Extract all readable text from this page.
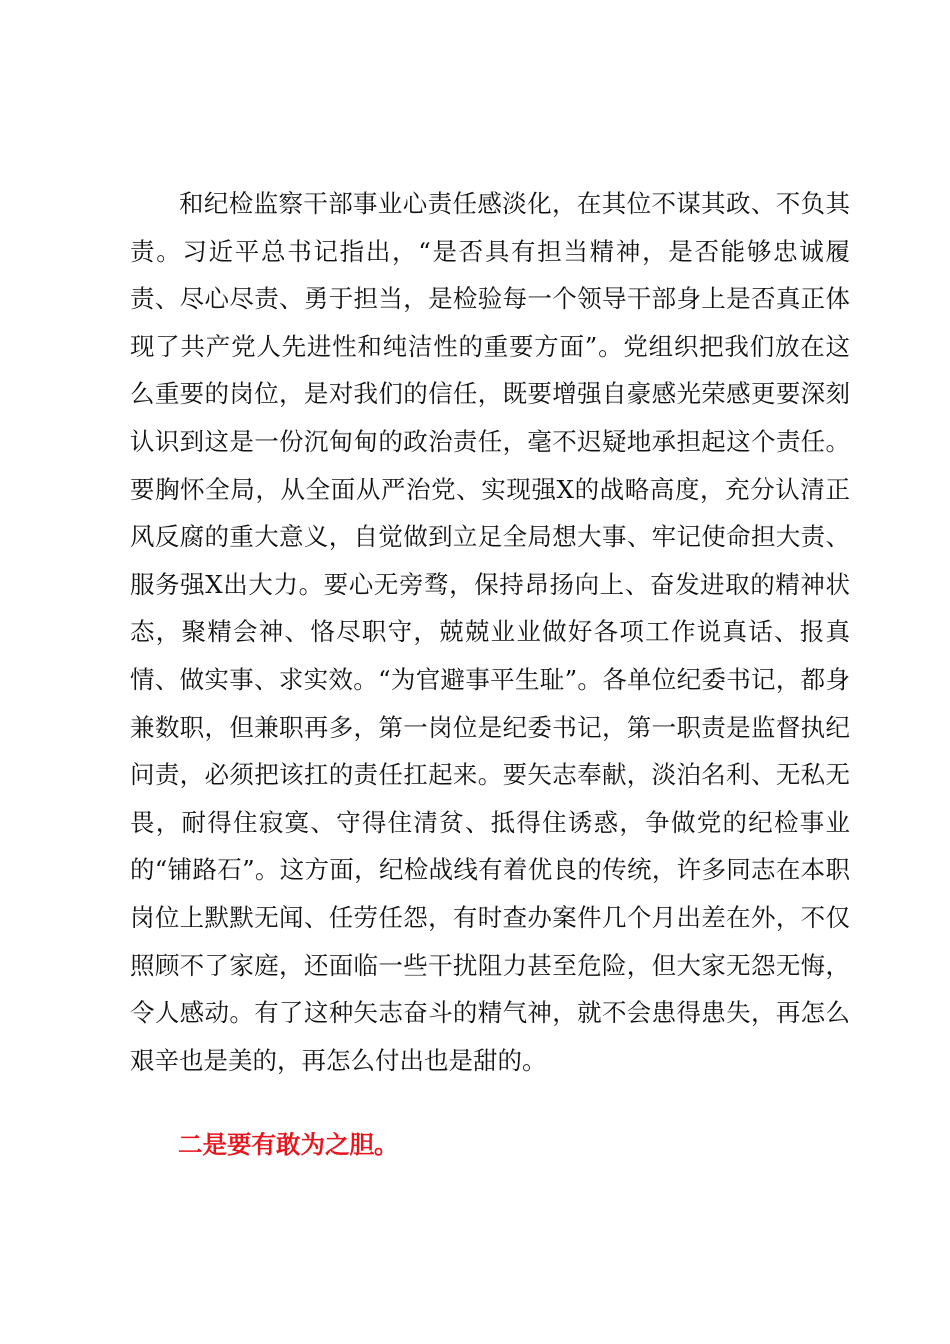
和纪检监察干部事业心责任感淡化，在其位不谋其政、不负其责。习近平总书记指出，“是否具有担当精神，是否能够忠诚履责、尽心尽责、勇于担当，是检验每一个领导干部身上是否真正体现了共产党人先进性和纯洁性的重要方面”。党组织把我们放在这么重要的岗位，是对我们的信任，既要增强自豪感光荣感更要深刻认识到这是一份沉甸甸的政治责任，毫不迟疑地承担起这个责任。要胸怀全局，从全面从严治党、实现强X的战略高度，充分认清正风反腐的重大意义，自觉做到立足全局想大事、牢记使命担大责、服务强X出大力。要心无旁骛，保持昂扬向上、奋发进取的精神状态，聚精会神、恪尽职守，兢兢业业做好各项工作说真话、报真情、做实事、求实效。“为官避事平生耻”。各单位纪委书记，都身兼数职，但兼职再多，第一岗位是纪委书记，第一职责是监督执纪问责，必须把该扛的责任扛起来。要矢志奉献，淡泊名利、无私无畏，耐得住寂寞、守得住清贫、抵得住诱惑，争做党的纪检事业的“铺路石”。这方面，纪检战线有着优良的传统，许多同志在本职岗位上默默无闻、任劳任怨，有时查办案件几个月出差在外，不仅照顾不了家庭，还面临一些干扰阻力甚至危险，但大家无怨无悔，令人感动。有了这种矢志奋斗的精气神，就不会患得患失，再怎么艰辛也是美的，再怎么付出也是甜的。

二是要有敢为之胆。
